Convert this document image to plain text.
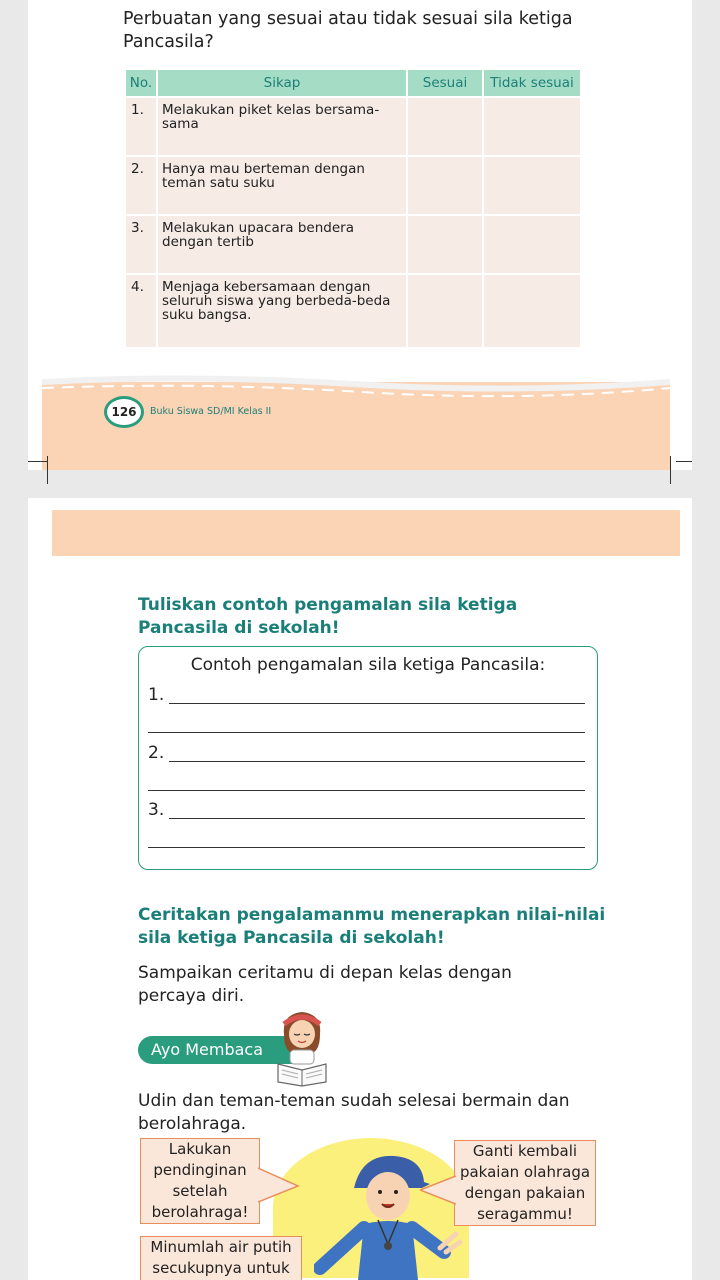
Perbuatan yang sesuai atau tidak sesuai sila ketiga Pancasila?
No.	Sikap	Sesuai	Tidak sesuai
1.	Melakukan piket kelas bersama-sama		
2.	Hanya mau berteman dengan teman satu suku		
3.	Melakukan upacara bendera dengan tertib		
4.	Menjaga kebersamaan dengan seluruh siswa yang berbeda-beda suku bangsa.		
126	Buku Siswa SD/MI Kelas II
Tuliskan contoh pengamalan sila ketiga Pancasila di sekolah!
Contoh pengamalan sila ketiga Pancasila:
1.
2.
3.
Ceritakan pengalamanmu menerapkan nilai-nilai sila ketiga Pancasila di sekolah!
Sampaikan ceritamu di depan kelas dengan percaya diri.
Ayo Membaca
Udin dan teman-teman sudah selesai bermain dan berolahraga.
Lakukan pendinginan setelah berolahraga!
Ganti kembali pakaian olahraga dengan pakaian seragammu!
Minumlah air putih secukupnya untuk
